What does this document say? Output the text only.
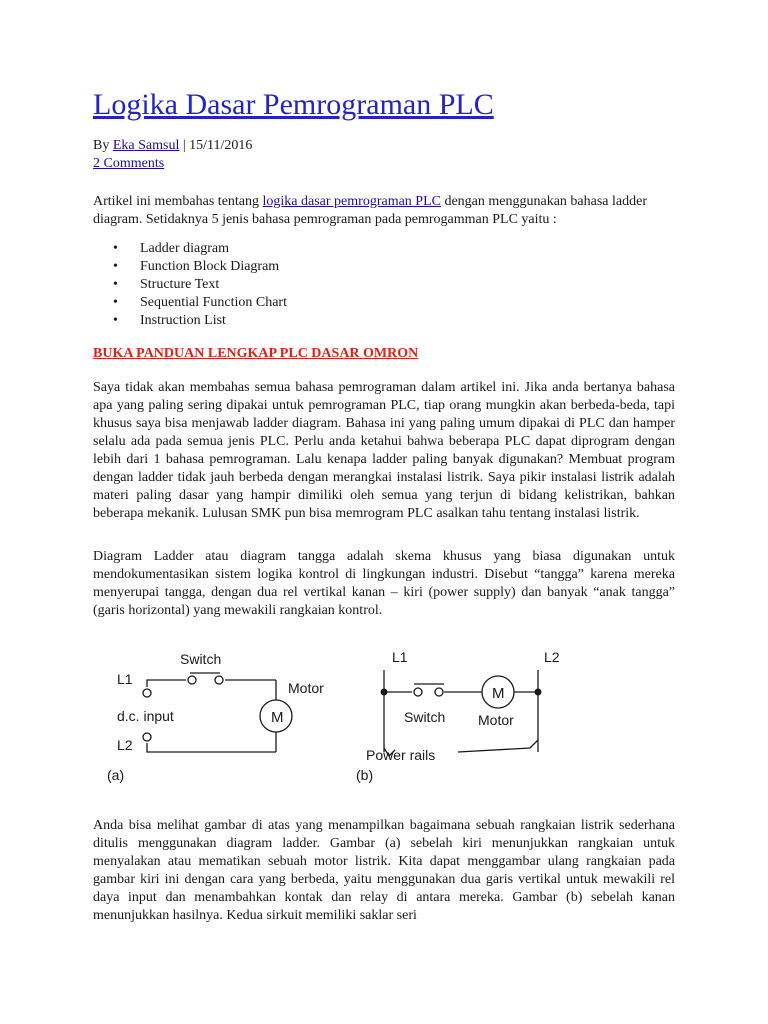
Logika Dasar Pemrograman PLC
By Eka Samsul | 15/11/2016
2 Comments

Artikel ini membahas tentang logika dasar pemrograman PLC dengan menggunakan bahasa ladder diagram. Setidaknya 5 jenis bahasa pemrograman pada pemrogamman PLC yaitu :

• Ladder diagram
• Function Block Diagram
• Structure Text
• Sequential Function Chart
• Instruction List
BUKA PANDUAN LENGKAP PLC DASAR OMRON

Saya tidak akan membahas semua bahasa pemrograman dalam artikel ini. Jika anda bertanya bahasa apa yang paling sering dipakai untuk pemrograman PLC, tiap orang mungkin akan berbeda-beda, tapi khusus saya bisa menjawab ladder diagram. Bahasa ini yang paling umum dipakai di PLC dan hamper selalu ada pada semua jenis PLC. Perlu anda ketahui bahwa beberapa PLC dapat diprogram dengan lebih dari 1 bahasa pemrograman. Lalu kenapa ladder paling banyak digunakan? Membuat program dengan ladder tidak jauh berbeda dengan merangkai instalasi listrik. Saya pikir instalasi listrik adalah materi paling dasar yang hampir dimiliki oleh semua yang terjun di bidang kelistrikan, bahkan beberapa mekanik. Lulusan SMK pun bisa memrogram PLC asalkan tahu tentang instalasi listrik.

Diagram Ladder atau diagram tangga adalah skema khusus yang biasa digunakan untuk mendokumentasikan sistem logika kontrol di lingkungan industri. Disebut “tangga” karena mereka menyerupai tangga, dengan dua rel vertikal kanan – kiri (power supply) dan banyak “anak tangga” (garis horizontal) yang mewakili rangkaian kontrol.

Anda bisa melihat gambar di atas yang menampilkan bagaimana sebuah rangkaian listrik sederhana ditulis menggunakan diagram ladder. Gambar (a) sebelah kiri menunjukkan rangkaian untuk menyalakan atau mematikan sebuah motor listrik. Kita dapat menggambar ulang rangkaian pada gambar kiri ini dengan cara yang berbeda, yaitu menggunakan dua garis vertikal untuk mewakili rel daya input dan menambahkan kontak dan relay di antara mereka. Gambar (b) sebelah kanan menunjukkan hasilnya. Kedua sirkuit memiliki saklar seri

Switch
L1
Motor
d.c. input	M
L2
(a)
L1	L2
M
Switch Motor
Power rails
(b)
